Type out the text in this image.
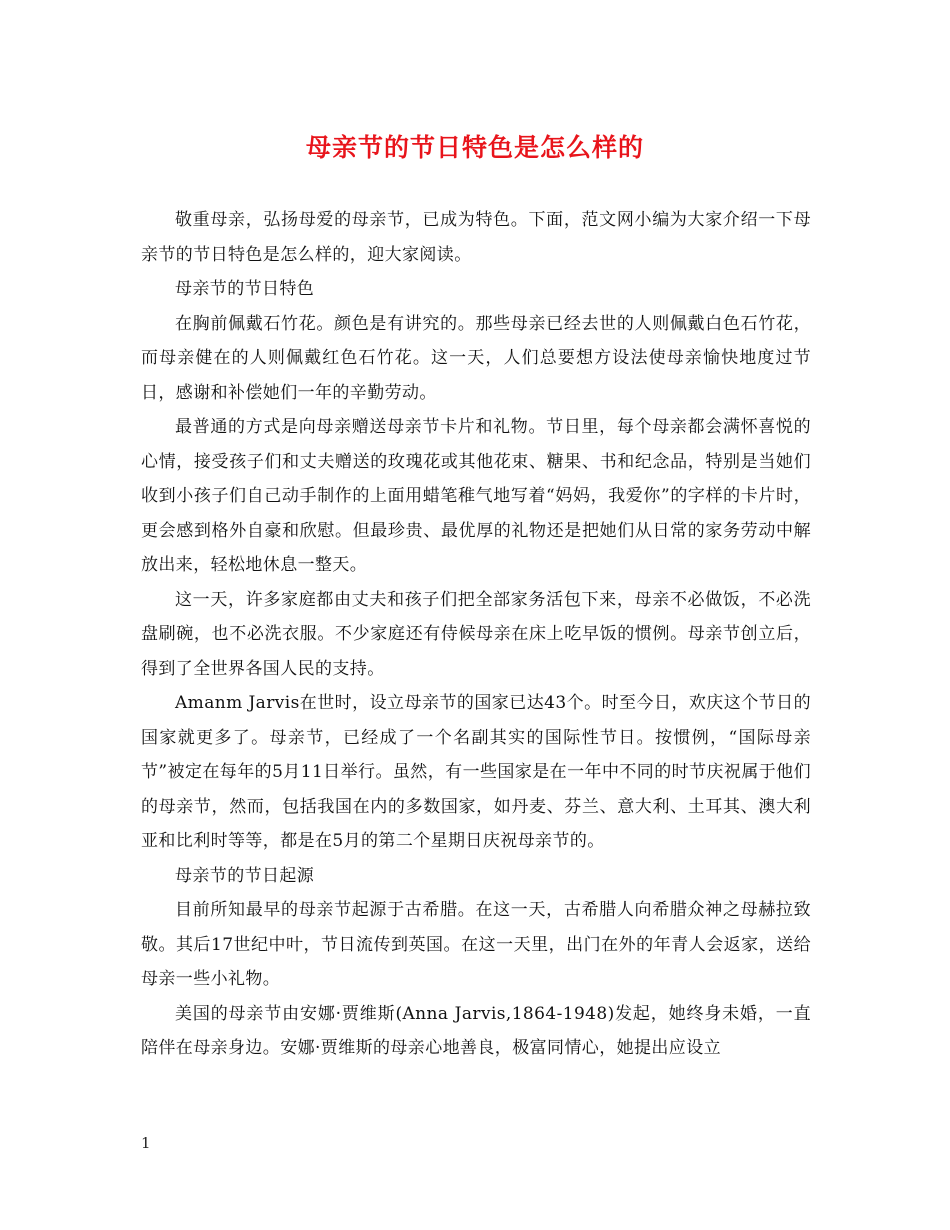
母亲节的节日特色是怎么样的

敬重母亲，弘扬母爱的母亲节，已成为特色。下面，范文网小编为大家介绍一下母亲节的节日特色是怎么样的，迎大家阅读。

母亲节的节日特色

在胸前佩戴石竹花。颜色是有讲究的。那些母亲已经去世的人则佩戴白色石竹花，而母亲健在的人则佩戴红色石竹花。这一天，人们总要想方设法使母亲愉快地度过节日，感谢和补偿她们一年的辛勤劳动。

最普通的方式是向母亲赠送母亲节卡片和礼物。节日里，每个母亲都会满怀喜悦的心情，接受孩子们和丈夫赠送的玫瑰花或其他花束、糖果、书和纪念品，特别是当她们收到小孩子们自己动手制作的上面用蜡笔稚气地写着“妈妈，我爱你”的字样的卡片时，更会感到格外自豪和欣慰。但最珍贵、最优厚的礼物还是把她们从日常的家务劳动中解放出来，轻松地休息一整天。

这一天，许多家庭都由丈夫和孩子们把全部家务活包下来，母亲不必做饭，不必洗盘刷碗，也不必洗衣服。不少家庭还有侍候母亲在床上吃早饭的惯例。母亲节创立后，得到了全世界各国人民的支持。

Amanm Jarvis在世时，设立母亲节的国家已达43个。时至今日，欢庆这个节日的国家就更多了。母亲节，已经成了一个名副其实的国际性节日。按惯例，“国际母亲节”被定在每年的5月11日举行。虽然，有一些国家是在一年中不同的时节庆祝属于他们的母亲节，然而，包括我国在内的多数国家，如丹麦、芬兰、意大利、土耳其、澳大利亚和比利时等等，都是在5月的第二个星期日庆祝母亲节的。

母亲节的节日起源

目前所知最早的母亲节起源于古希腊。在这一天，古希腊人向希腊众神之母赫拉致敬。其后17世纪中叶，节日流传到英国。在这一天里，出门在外的年青人会返家，送给母亲一些小礼物。

美国的母亲节由安娜·贾维斯(Anna Jarvis,1864-1948)发起，她终身未婚，一直陪伴在母亲身边。安娜·贾维斯的母亲心地善良，极富同情心，她提出应设立

1
